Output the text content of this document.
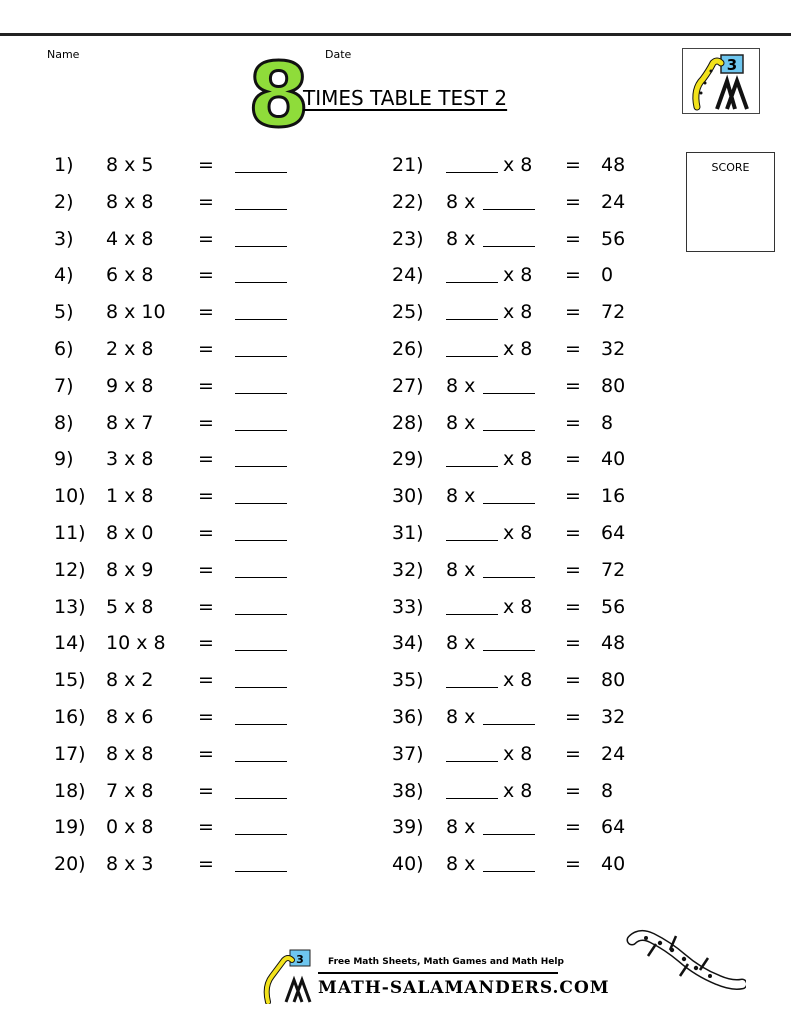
Name	Date
8
TIMES TABLE TEST 2
3
SCORE
1) 8 x 5 =
2) 8 x 8 =
3) 4 x 8 =
4) 6 x 8 =
5) 8 x 10 =
6) 2 x 8 =
7) 9 x 8 =
8) 8 x 7 =
9) 3 x 8 =
10) 1 x 8 =
11) 8 x 0 =
12) 8 x 9 =
13) 5 x 8 =
14) 10 x 8 =
15) 8 x 2 =
16) 8 x 6 =
17) 8 x 8 =
18) 7 x 8 =
19) 0 x 8 =
20) 8 x 3 =
21)	x 8 = 48
22) 8 x	= 24
23) 8 x	= 56
24)	x 8 = 0
25)	x 8 = 72
26)	x 8 = 32
27) 8 x	= 80
28) 8 x	= 8
29)	x 8 = 40
30) 8 x	= 16
31)	x 8 = 64
32) 8 x	= 72
33)	x 8 = 56
34) 8 x	= 48
35)	x 8 = 80
36) 8 x	= 32
37)	x 8 = 24
38)	x 8 = 8
39) 8 x	= 64
40) 8 x	= 40
3	Free Math Sheets, Math Games and Math Help
MATH-SALAMANDERS.COM
